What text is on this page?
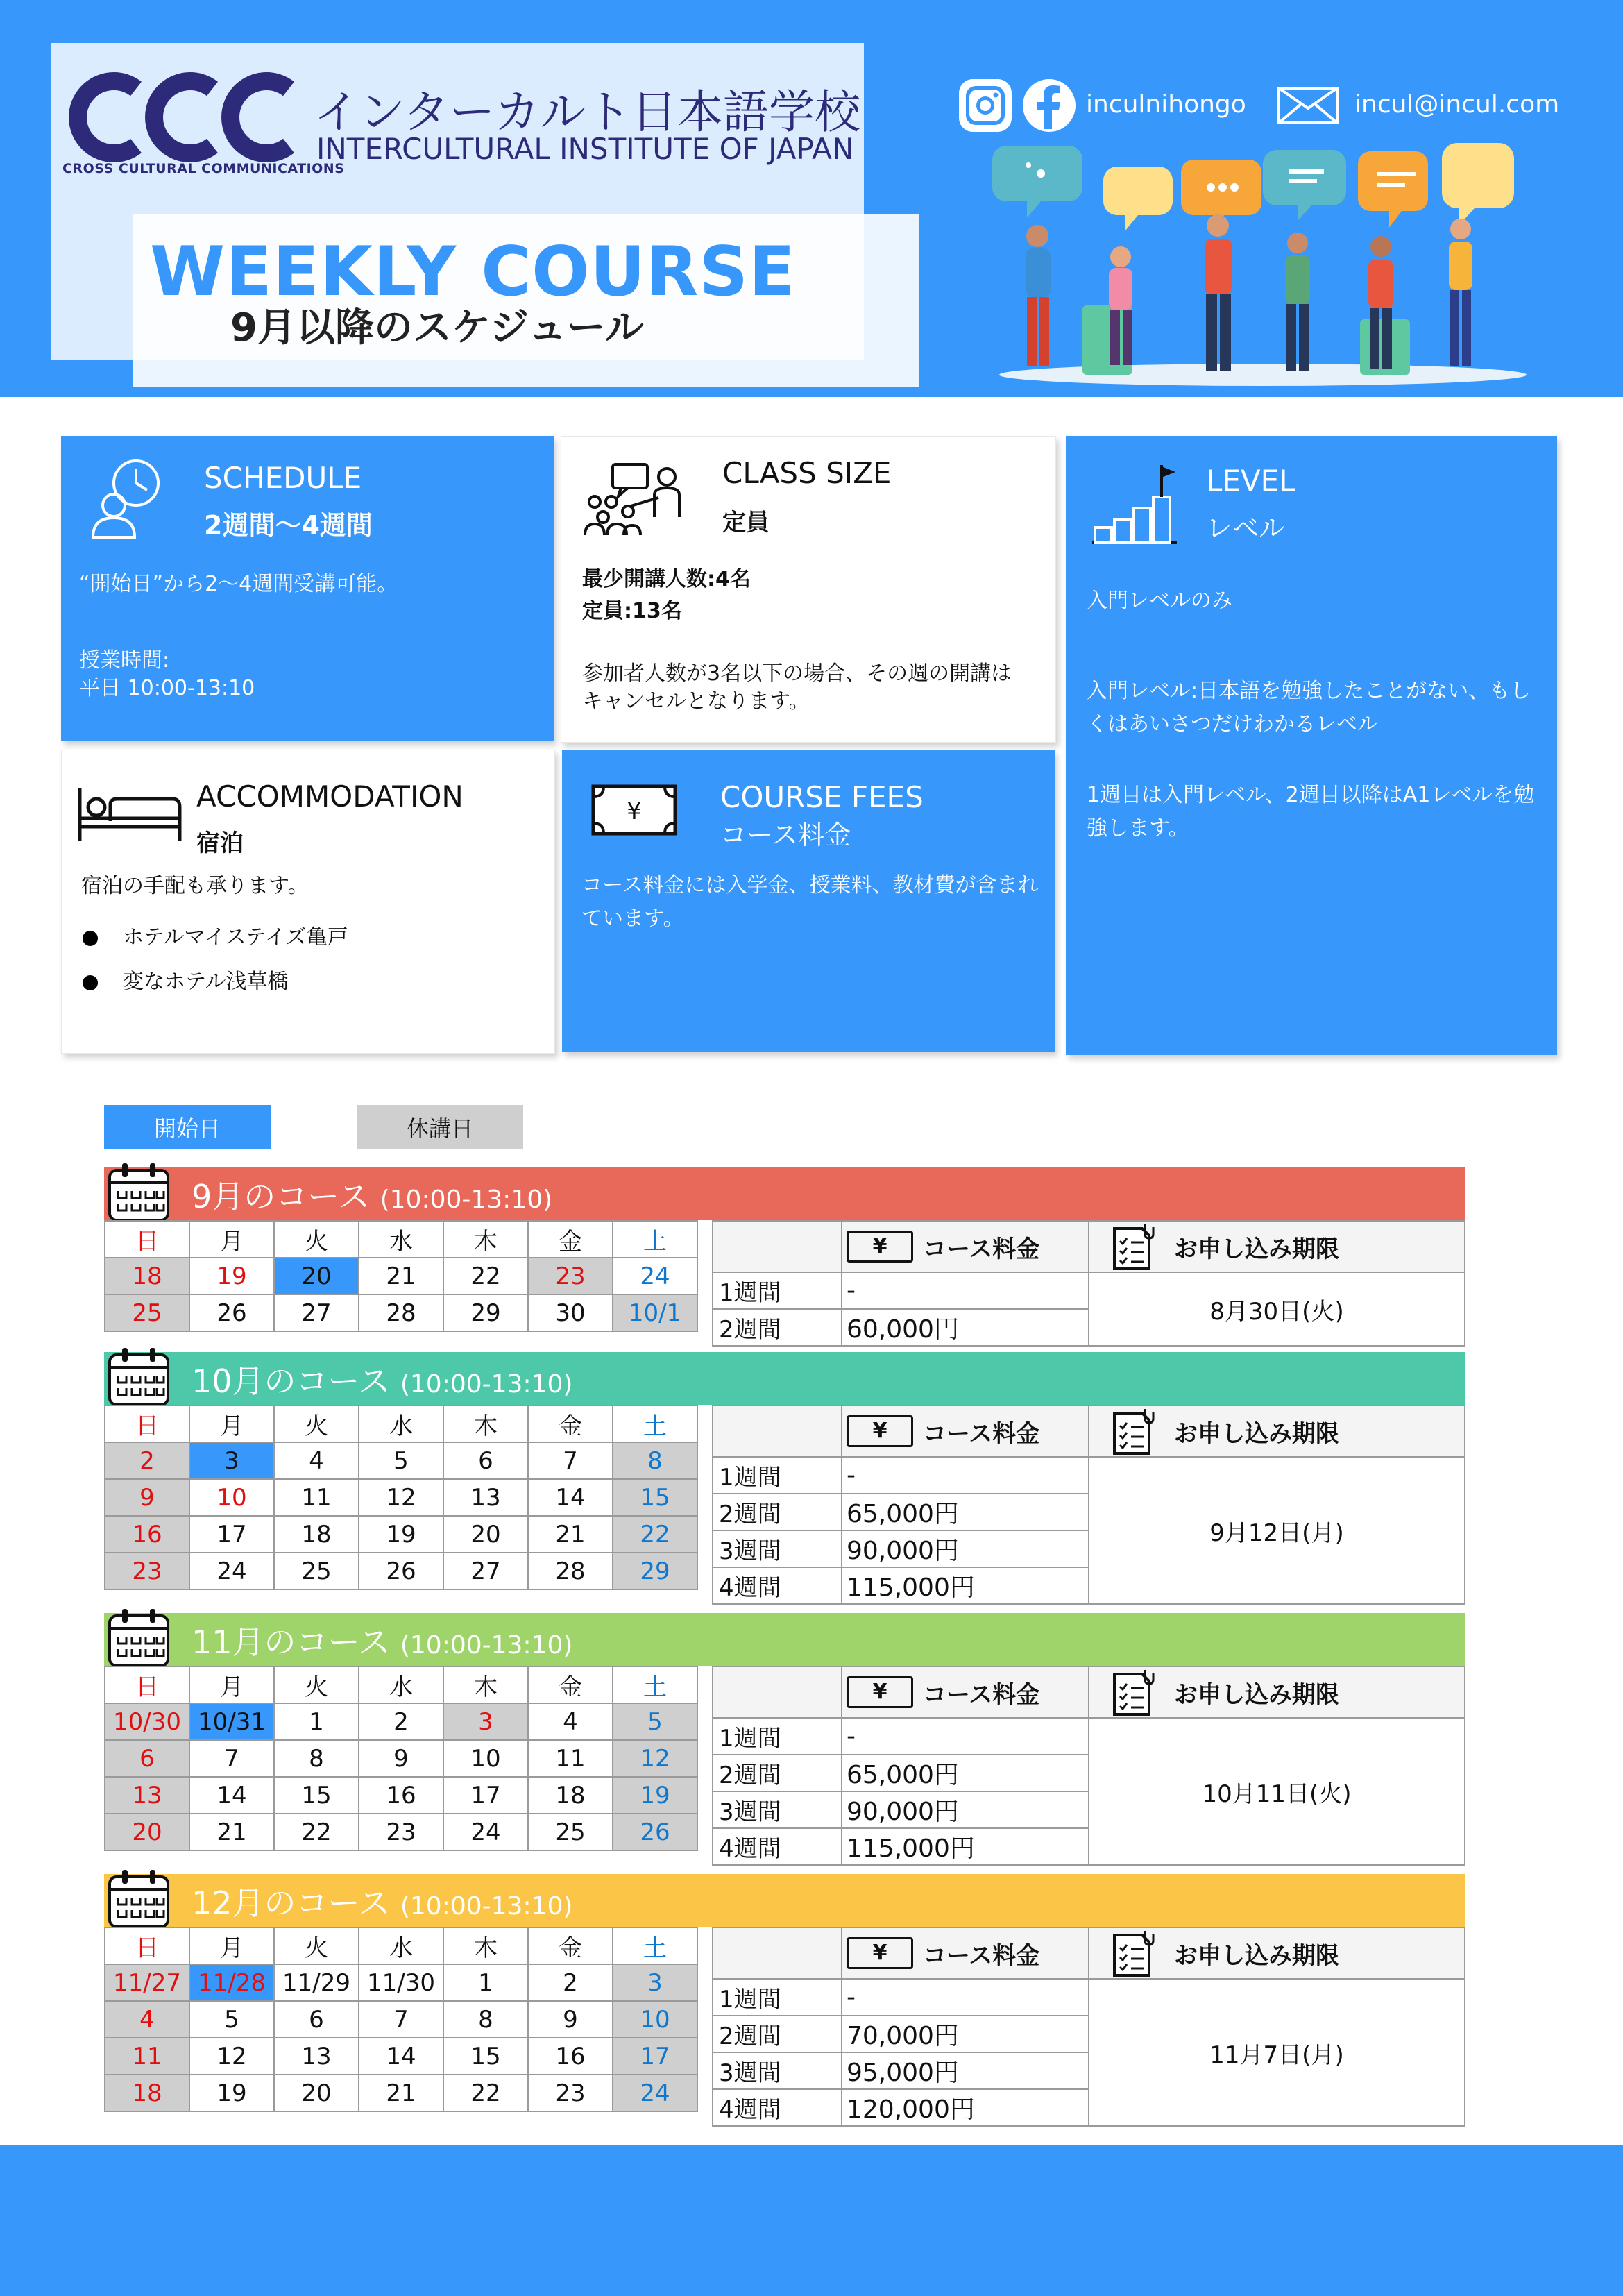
CROSS CULTURAL COMMUNICATIONS
インターカルト日本語学校
INTERCULTURAL INSTITUTE OF JAPAN
WEEKLY COURSE
9月以降のスケジュール
inculnihongo	incul@incul.com
SCHEDULE
2週間〜4週間
“開始日”から2〜4週間受講可能。
授業時間:
平日 10:00-13:10
CLASS SIZE
定員
最少開講人数:4名
定員:13名
参加者人数が3名以下の場合、その週の開講はキャンセルとなります。
LEVEL
レベル
入門レベルのみ
入門レベル:日本語を勉強したことがない、もしくはあいさつだけわかるレベル
1週目は入門レベル、2週目以降はA1レベルを勉強します。
ACCOMMODATION
宿泊
宿泊の手配も承ります。
ホテルマイステイズ亀戸
変なホテル浅草橋
¥	COURSE FEES
コース料金
コース料金には入学金、授業料、教材費が含まれています。
開始日	休講日
9月のコース (10:00-13:10)
日	月	火	水	木	金	土
18	19	20	21	22	23	24
25	26	27	28	29	30	10/1

	¥ コース料金	お申し込み期限

1週間	-	8月30日(火)
2週間	60,000円	
10月のコース (10:00-13:10)
日	月	火	水	木	金	土
2	3	4	5	6	7	8
9	10	11	12	13	14	15
16	17	18	19	20	21	22
23	24	25	26	27	28	29

	¥ コース料金	お申し込み期限

1週間	-	9月12日(月)
2週間	65,000円	
3週間	90,000円	
4週間	115,000円	
11月のコース (10:00-13:10)
日	月	火	水	木	金	土
10/30	10/31	1	2	3	4	5
6	7	8	9	10	11	12
13	14	15	16	17	18	19
20	21	22	23	24	25	26

	¥ コース料金	お申し込み期限

1週間	-	10月11日(火)
2週間	65,000円	
3週間	90,000円	
4週間	115,000円	
12月のコース (10:00-13:10)
日	月	火	水	木	金	土
11/27	11/28	11/29	11/30	1	2	3
4	5	6	7	8	9	10
11	12	13	14	15	16	17
18	19	20	21	22	23	24

	¥ コース料金	お申し込み期限

1週間	-	11月7日(月)
2週間	70,000円	
3週間	95,000円	
4週間	120,000円	
